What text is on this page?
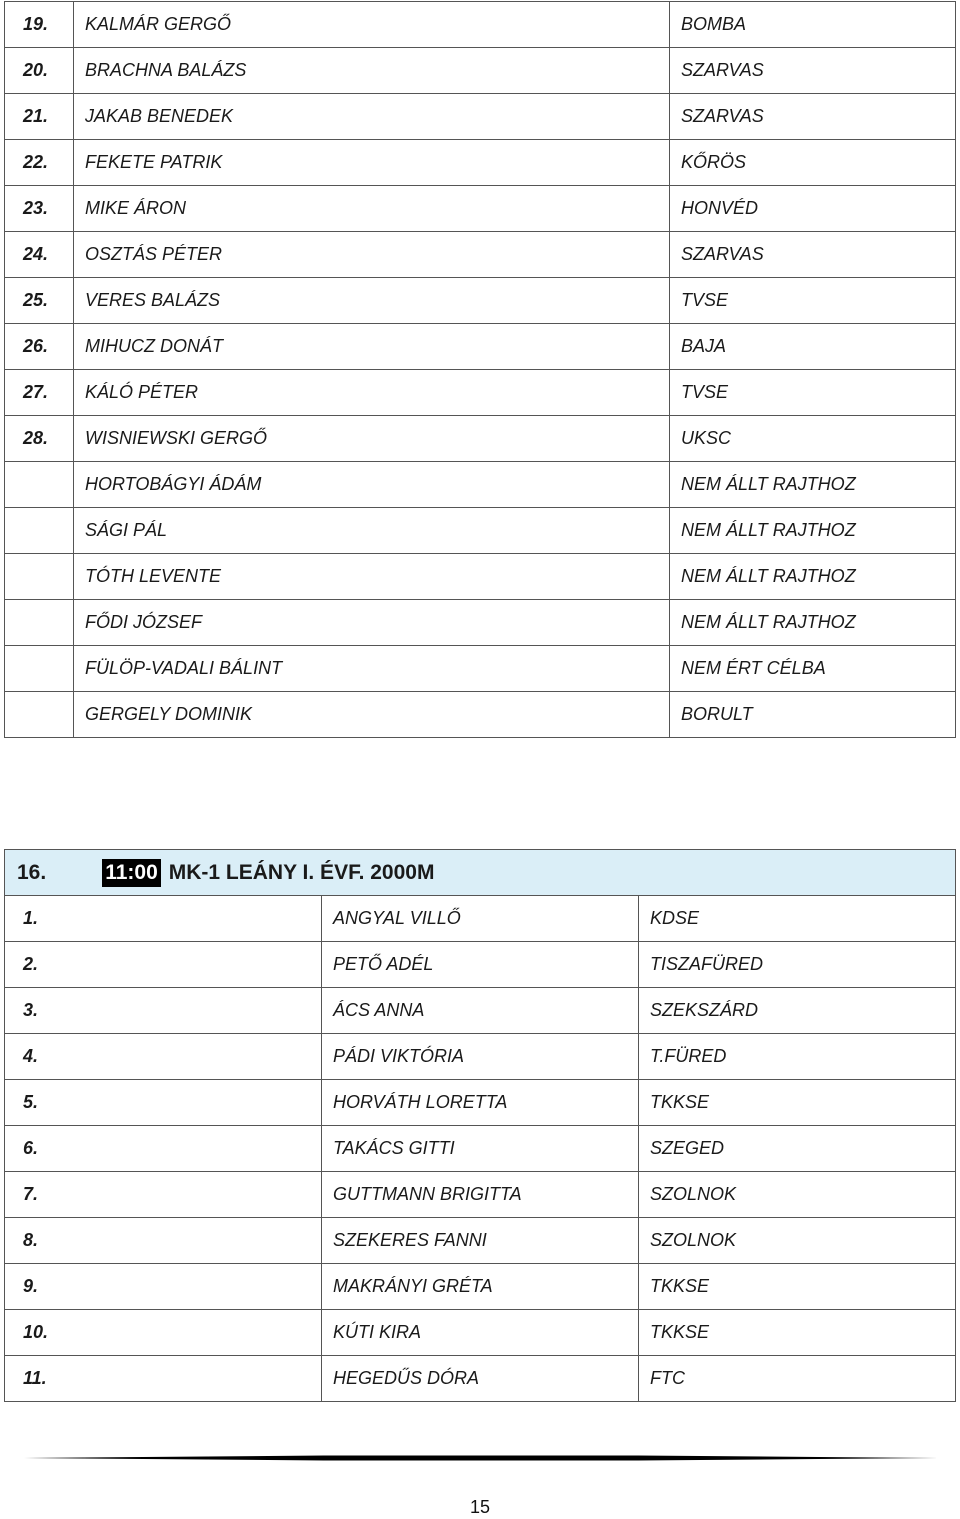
19.	KALMÁR GERGŐ	BOMBA
20.	BRACHNA BALÁZS	SZARVAS
21.	JAKAB BENEDEK	SZARVAS
22.	FEKETE PATRIK	KŐRÖS
23.	MIKE ÁRON	HONVÉD
24.	OSZTÁS PÉTER	SZARVAS
25.	VERES BALÁZS	TVSE
26.	MIHUCZ DONÁT	BAJA
27.	KÁLÓ PÉTER	TVSE
28.	WISNIEWSKI GERGŐ	UKSC
	HORTOBÁGYI ÁDÁM	NEM ÁLLT RAJTHOZ
	SÁGI PÁL	NEM ÁLLT RAJTHOZ
	TÓTH LEVENTE	NEM ÁLLT RAJTHOZ
	FŐDI JÓZSEF	NEM ÁLLT RAJTHOZ
	FÜLÖP-VADALI BÁLINT	NEM ÉRT CÉLBA
	GERGELY DOMINIK	BORULT
16. 11:00 MK-1 LEÁNY I. ÉVF. 2000M		
1.	ANGYAL VILLŐ	KDSE
2.	PETŐ ADÉL	TISZAFÜRED
3.	ÁCS ANNA	SZEKSZÁRD
4.	PÁDI VIKTÓRIA	T.FÜRED
5.	HORVÁTH LORETTA	TKKSE
6.	TAKÁCS GITTI	SZEGED
7.	GUTTMANN BRIGITTA	SZOLNOK
8.	SZEKERES FANNI	SZOLNOK
9.	MAKRÁNYI GRÉTA	TKKSE
10.	KÚTI KIRA	TKKSE
11.	HEGEDŰS DÓRA	FTC
15
